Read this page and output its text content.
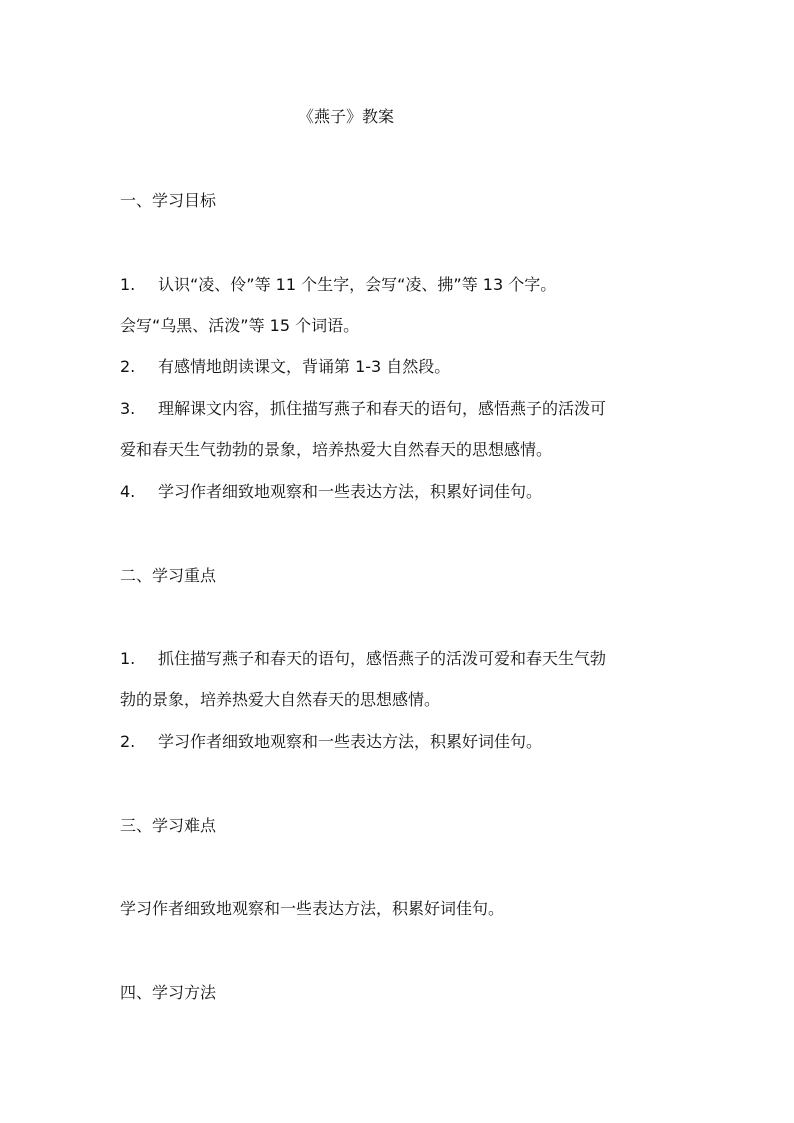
《燕子》教案
一、学习目标
1. 认识“凌、伶”等 11 个生字，会写“凌、拂”等 13 个字。
会写“乌黑、活泼”等 15 个词语。
2. 有感情地朗读课文，背诵第 1-3 自然段。
3. 理解课文内容，抓住描写燕子和春天的语句，感悟燕子的活泼可
爱和春天生气勃勃的景象，培养热爱大自然春天的思想感情。
4. 学习作者细致地观察和一些表达方法，积累好词佳句。
二、学习重点
1. 抓住描写燕子和春天的语句，感悟燕子的活泼可爱和春天生气勃
勃的景象，培养热爱大自然春天的思想感情。
2. 学习作者细致地观察和一些表达方法，积累好词佳句。
三、学习难点
学习作者细致地观察和一些表达方法，积累好词佳句。
四、学习方法
